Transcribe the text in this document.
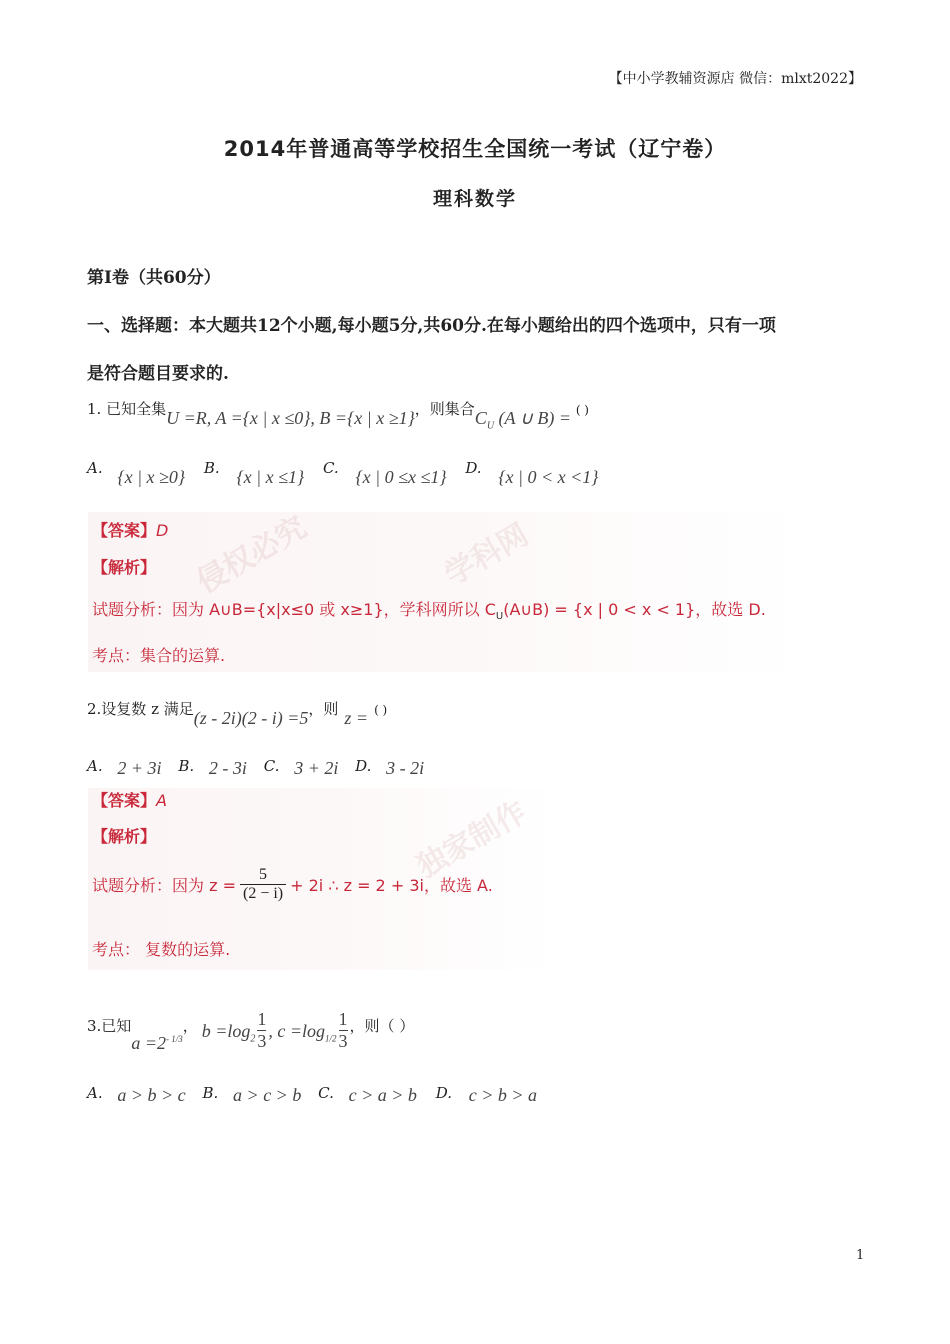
【中小学教辅资源店 微信：mlxt2022】
2014年普通高等学校招生全国统一考试（辽宁卷）
理科数学
第Ⅰ卷（共60分）
一、选择题：本大题共12个小题,每小题5分,共60分.在每小题给出的四个选项中，只有一项
是符合题目要求的.
1. 已知全集U =R, A ={x | x ≤0}, B ={x | x ≥1}，则集合$C_U$ (A ∪ B) = ( )
A. {x | x ≥0} B. {x | x ≤1} C. {x | 0 ≤x ≤1} D. {x | 0 < x <1}
侵权必究	学科网
【答案】D
【解析】
试题分析：因为 A∪B={x|x≤0 或 x≥1}，学科网所以 $C_U(A\cup B) = \{x$ | 0 < x < 1}，故选 D.
考点：集合的运算.
2.设复数 z 满足(z - 2i)(2 - i) =5，则 z = ( )
A. 2 + 3i B. 2 - 3i C. 3 + 2i D. 3 - 2i
独家制作
【答案】A
【解析】
试题分析：因为 $z = \frac{5}{(2 - i)} + 2i$ ∴ z = 2 + 3i，故选 A.
考点： 复数的运算.
3.已知
$a =2^{- 1/3}$
， $b =\log_2 \frac{1}{3}$ , $c =\log_{1/2} \frac{1}{3}$ ，则（ ）
A. a > b > c B. a > c > b C. c > a > b D. c > b > a
1
